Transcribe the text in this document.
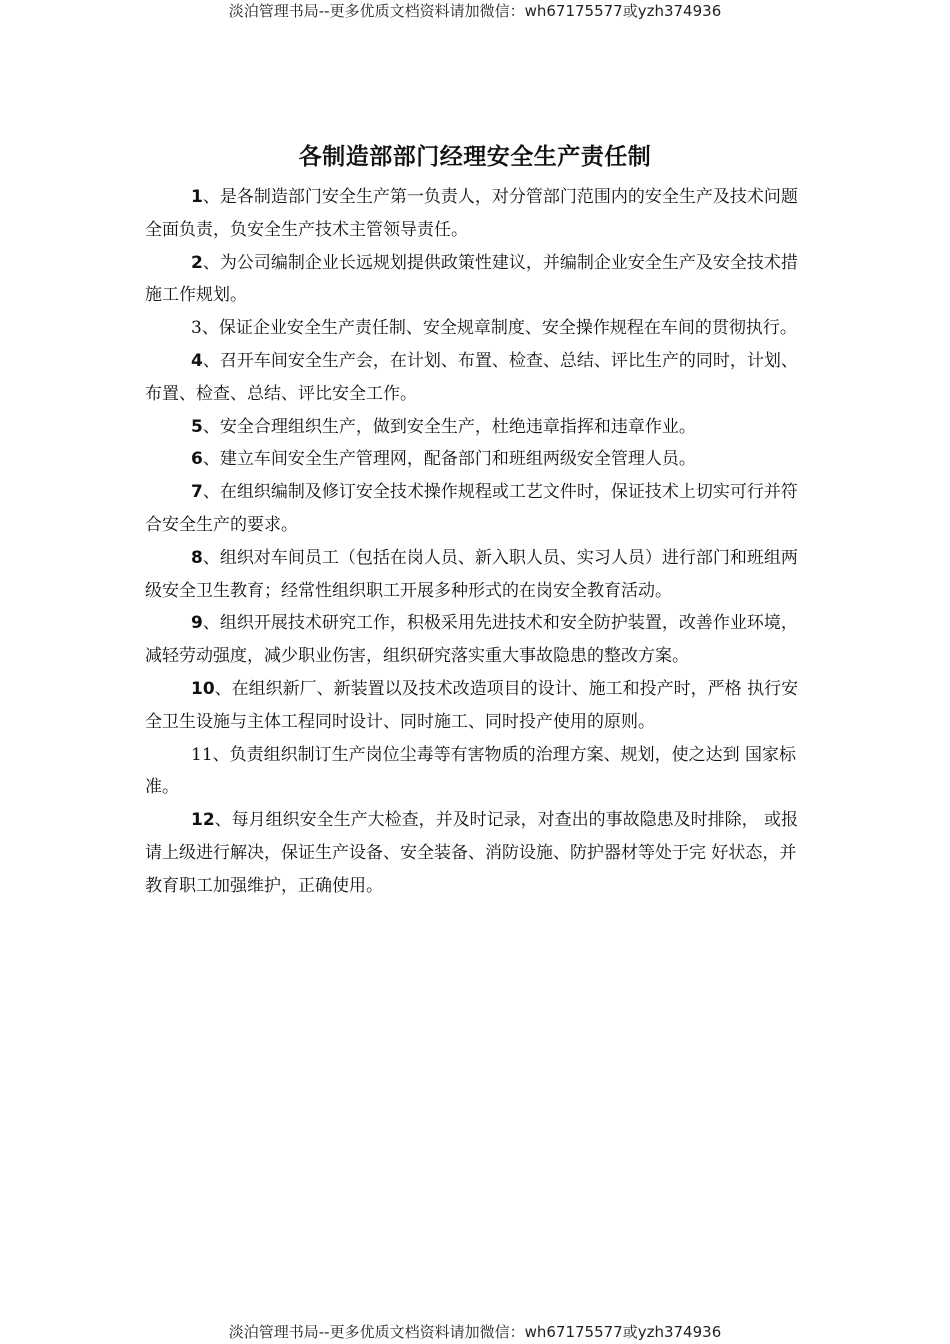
淡泊管理书局--更多优质文档资料请加微信：wh67175577或yzh374936
各制造部部门经理安全生产责任制

1、是各制造部门安全生产第一负责人，对分管部门范围内的安全生产及技术问题全面负责，负安全生产技术主管领导责任。

2、为公司编制企业长远规划提供政策性建议，并编制企业安全生产及安全技术措施工作规划。

3、保证企业安全生产责任制、安全规章制度、安全操作规程在车间的贯彻执行。

4、召开车间安全生产会，在计划、布置、检查、总结、评比生产的同时，计划、布置、检查、总结、评比安全工作。

5、安全合理组织生产，做到安全生产，杜绝违章指挥和违章作业。

6、建立车间安全生产管理网，配备部门和班组两级安全管理人员。

7、在组织编制及修订安全技术操作规程或工艺文件时，保证技术上切实可行并符合安全生产的要求。

8、组织对车间员工（包括在岗人员、新入职人员、实习人员）进行部门和班组两级安全卫生教育；经常性组织职工开展多种形式的在岗安全教育活动。

9、组织开展技术研究工作，积极采用先进技术和安全防护装置，改善作业环境，减轻劳动强度，减少职业伤害，组织研究落实重大事故隐患的整改方案。

10、在组织新厂、新装置以及技术改造项目的设计、施工和投产时，严格 执行安全卫生设施与主体工程同时设计、同时施工、同时投产使用的原则。

11、负责组织制订生产岗位尘毒等有害物质的治理方案、规划，使之达到 国家标准。

12、每月组织安全生产大检查，并及时记录，对查出的事故隐患及时排除， 或报请上级进行解决，保证生产设备、安全装备、消防设施、防护器材等处于完 好状态，并教育职工加强维护，正确使用。

淡泊管理书局--更多优质文档资料请加微信：wh67175577或yzh374936
